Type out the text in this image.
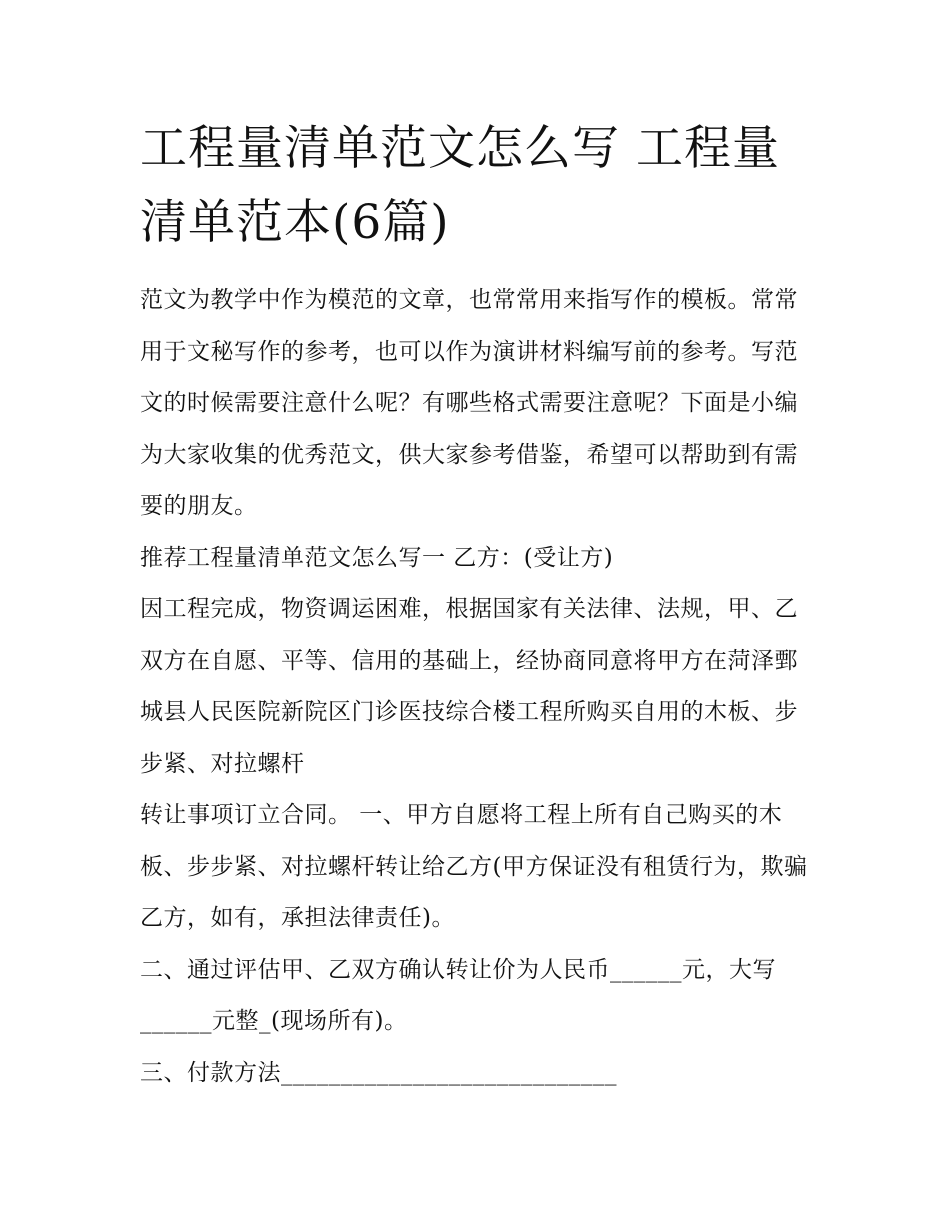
工程量清单范文怎么写 工程量清单范本(6篇)

范文为教学中作为模范的文章，也常常用来指写作的模板。常常用于文秘写作的参考，也可以作为演讲材料编写前的参考。写范文的时候需要注意什么呢？有哪些格式需要注意呢？下面是小编为大家收集的优秀范文，供大家参考借鉴，希望可以帮助到有需要的朋友。

推荐工程量清单范文怎么写一 乙方：(受让方)

因工程完成，物资调运困难，根据国家有关法律、法规，甲、乙双方在自愿、平等、信用的基础上，经协商同意将甲方在菏泽鄄城县人民医院新院区门诊医技综合楼工程所购买自用的木板、步步紧、对拉螺杆

转让事项订立合同。 一、甲方自愿将工程上所有自己购买的木板、步步紧、对拉螺杆转让给乙方(甲方保证没有租赁行为，欺骗乙方，如有，承担法律责任)。

二、通过评估甲、乙双方确认转让价为人民币______元，大写______元整_(现场所有)。

三、付款方法____________________________
